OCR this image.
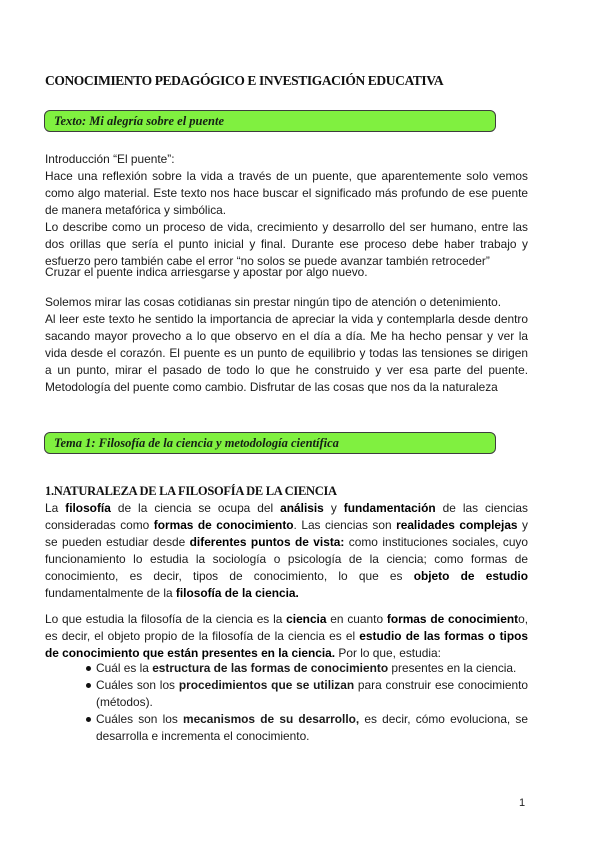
CONOCIMIENTO PEDAGÓGICO E INVESTIGACIÓN EDUCATIVA
Texto: Mi alegría sobre el puente
Introducción “El puente”:
Hace una reflexión sobre la vida a través de un puente, que aparentemente solo vemos como algo material. Este texto nos hace buscar el significado más profundo de ese puente de manera metafórica y simbólica.
Lo describe como un proceso de vida, crecimiento y desarrollo del ser humano, entre las dos orillas que sería el punto inicial y final. Durante ese proceso debe haber trabajo y esfuerzo pero también cabe el error “no solos se puede avanzar también retroceder”
Cruzar el puente indica arriesgarse y apostar por algo nuevo.
Solemos mirar las cosas cotidianas sin prestar ningún tipo de atención o detenimiento.
Al leer este texto he sentido la importancia de apreciar la vida y contemplarla desde dentro sacando mayor provecho a lo que observo en el día a día. Me ha hecho pensar y ver la vida desde el corazón. El puente es un punto de equilibrio y todas las tensiones se dirigen a un punto, mirar el pasado de todo lo que he construido y ver esa parte del puente. Metodología del puente como cambio. Disfrutar de las cosas que nos da la naturaleza
Tema 1: Filosofía de la ciencia y metodología científica
1.NATURALEZA DE LA FILOSOFÍA DE LA CIENCIA
La filosofía de la ciencia se ocupa del análisis y fundamentación de las ciencias consideradas como formas de conocimiento. Las ciencias son realidades complejas y se pueden estudiar desde diferentes puntos de vista: como instituciones sociales, cuyo funcionamiento lo estudia la sociología o psicología de la ciencia; como formas de conocimiento, es decir, tipos de conocimiento, lo que es objeto de estudio fundamentalmente de la filosofía de la ciencia.
Lo que estudia la filosofía de la ciencia es la ciencia en cuanto formas de conocimiento, es decir, el objeto propio de la filosofía de la ciencia es el estudio de las formas o tipos de conocimiento que están presentes en la ciencia. Por lo que, estudia:
Cuál es la estructura de las formas de conocimiento presentes en la ciencia.
Cuáles son los procedimientos que se utilizan para construir ese conocimiento (métodos).
Cuáles son los mecanismos de su desarrollo, es decir, cómo evoluciona, se desarrolla e incrementa el conocimiento.
1
